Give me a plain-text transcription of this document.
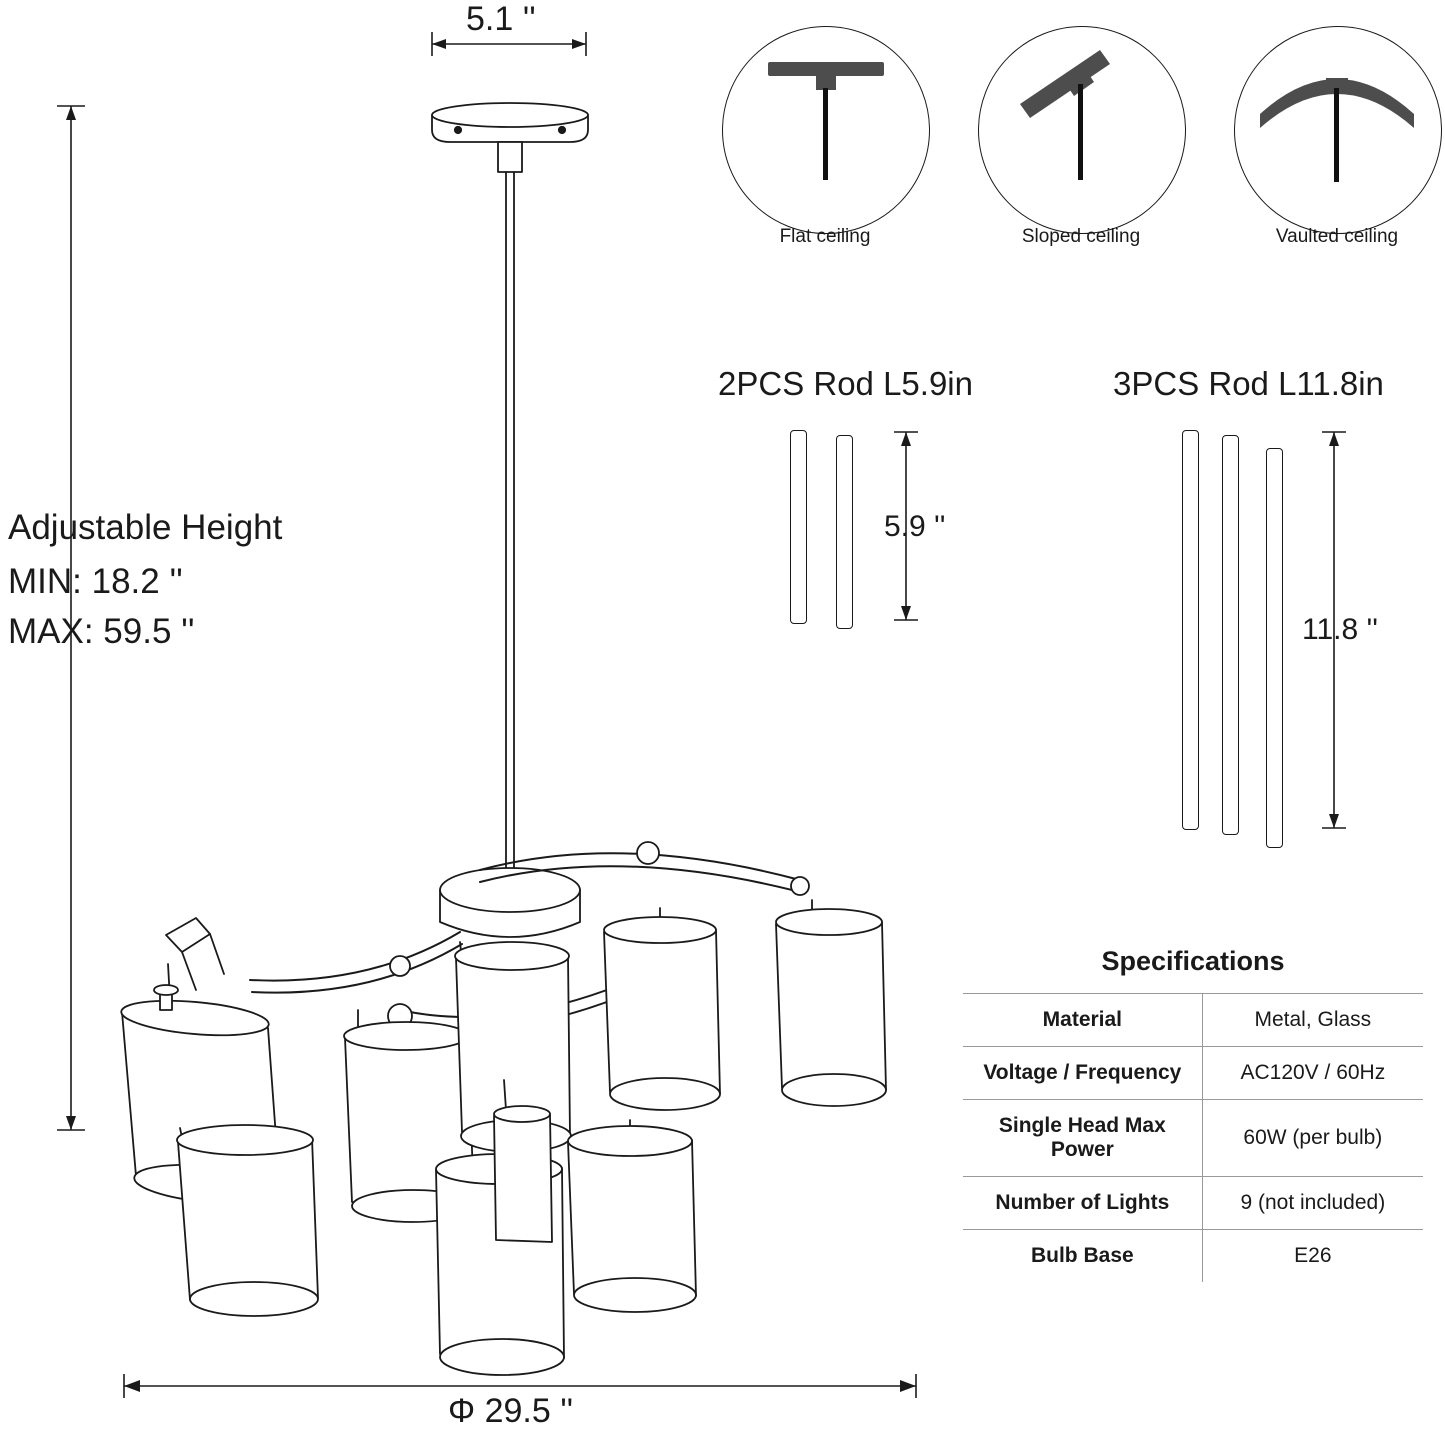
5.1 ''
Adjustable Height
MIN: 18.2 ''
MAX: 59.5 ''
Φ 29.5 ''
Flat ceiling	Sloped ceiling	Vaulted ceiling
2PCS Rod L5.9in
5.9 ''
3PCS Rod L11.8in
11.8 ''
Specifications	
Material	Metal, Glass
Voltage / Frequency	AC120V / 60Hz
Single Head Max Power	60W (per bulb)
Number of Lights	9 (not included)
Bulb Base	E26
